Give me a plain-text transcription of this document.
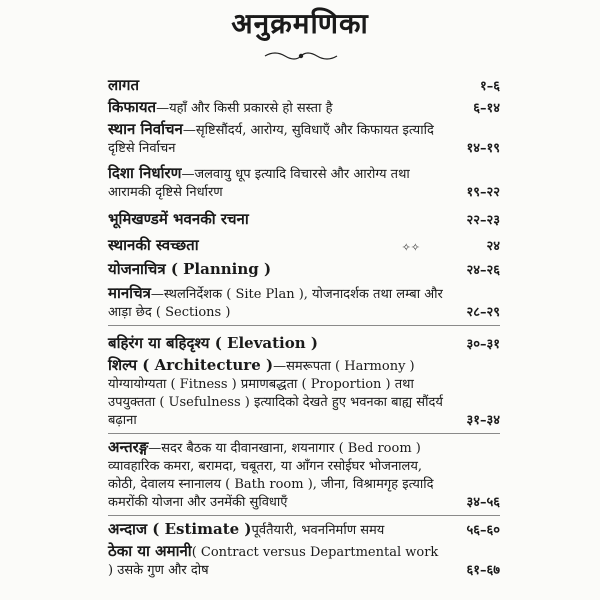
अनुक्रमणिका
लागत	१–६
किफायत—यहाँ और किसी प्रकारसे हो सस्ता है	६–१४
स्थान निर्वाचन—सृष्टिसौंदर्य, आरोग्य, सुविधाएँ और किफायत इत्यादि दृष्टिसे निर्वाचन	१४–१९
दिशा निर्धारण—जलवायु धूप इत्यादि विचारसे और आरोग्य तथा आरामकी दृष्टिसे निर्धारण	१९–२२
भूमिखण्डमें भवनकी रचना	२२–२३
स्थानकी स्वच्छता	✧✧	२४
योजनाचित्र ( Planning )	२४–२६
मानचित्र—स्थलनिर्देशक ( Site Plan ), योजनादर्शक तथा लम्बा और आड़ा छेद ( Sections )	२८–२९
बहिरंग या बहिदृश्य ( Elevation )	३०–३१
शिल्प ( Architecture )—समरूपता ( Harmony ) योग्यायोग्यता ( Fitness ) प्रमाणबद्धता ( Proportion ) तथा उपयुक्तता ( Usefulness ) इत्यादिको देखते हुए भवनका बाह्य सौंदर्य बढ़ाना	३१–३४
अन्तरङ्ग—सदर बैठक या दीवानखाना, शयनागार ( Bed room ) व्यावहारिक कमरा, बरामदा, चबूतरा, या आँगन रसोईघर भोजनालय, कोठी, देवालय स्नानालय ( Bath room ), जीना, विश्रामगृह इत्यादि कमरोंकी योजना और उनमेंकी सुविधाएँ	३४–५६
अन्दाज ( Estimate )पूर्वतैयारी, भवननिर्माण समय	५६–६०
ठेका या अमानी( Contract versus Departmental work ) उसके गुण और दोष	६१–६७
